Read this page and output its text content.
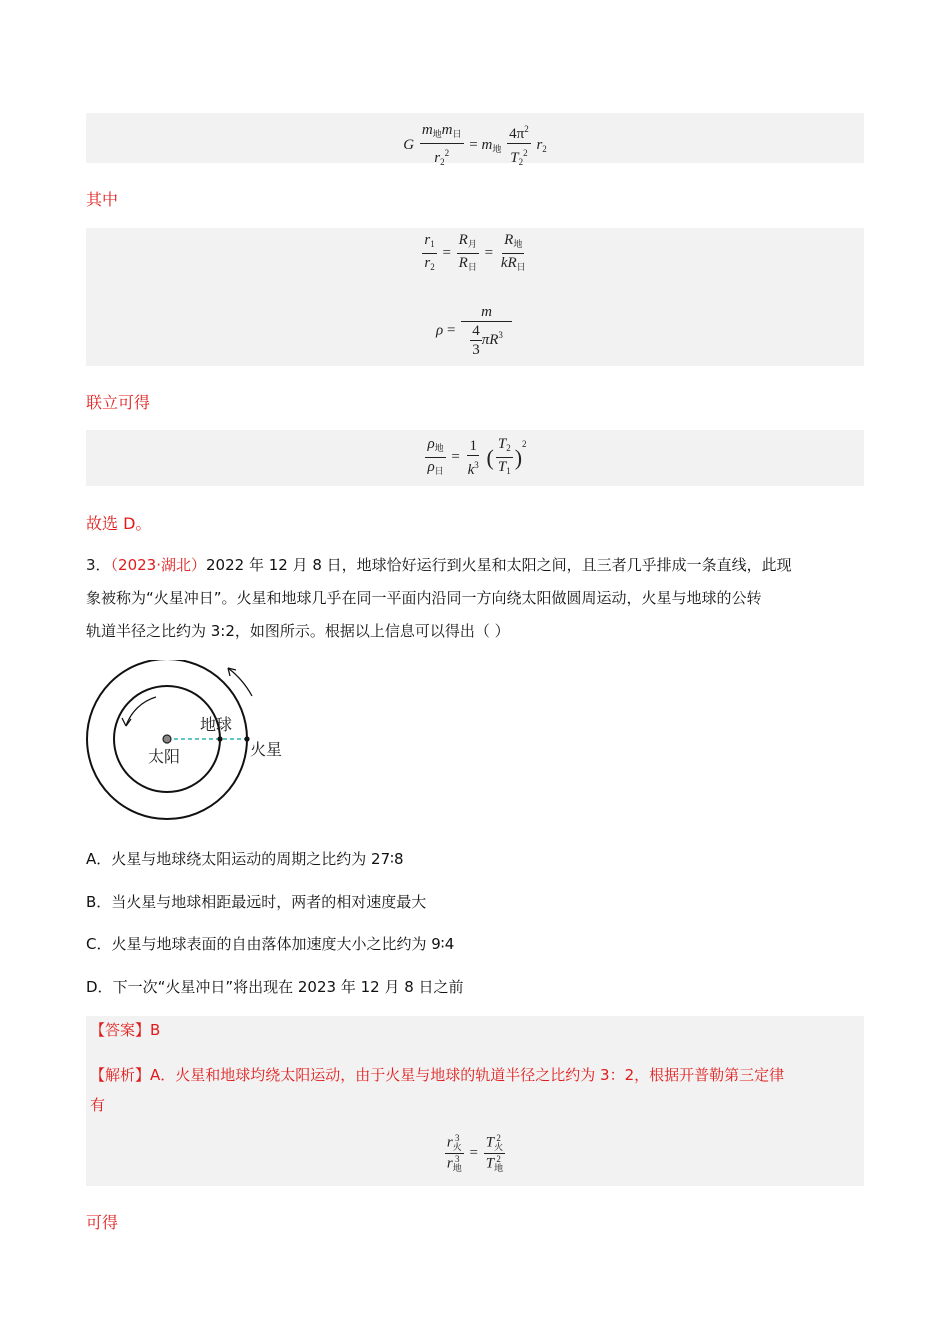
G $\frac{m_地m_日}{r_2^2} = m_地 \frac{4\pi^2}{T_2^2} r_2$
其中
$\frac{r_1}{r_2} = \frac{R_月}{R_日} = \frac{R_地}{kR_日}$
$\rho = \frac{m}{\frac{4}{3} \pi R^3}$
联立可得
$\frac{\rho_地}{\rho_日} = \frac{1}{k^3}$ ( $\frac{T_2}{T_1} )^2$
故选 D。
3．（2023·湖北）2022 年 12 月 8 日，地球恰好运行到火星和太阳之间，且三者几乎排成一条直线，此现
象被称为“火星冲日”。火星和地球几乎在同一平面内沿同一方向绕太阳做圆周运动，火星与地球的公转
轨道半径之比约为 3:2，如图所示。根据以上信息可以得出（ ）
太阳
地球
火星
A．火星与地球绕太阳运动的周期之比约为 27∶8
B．当火星与地球相距最远时，两者的相对速度最大
C．火星与地球表面的自由落体加速度大小之比约为 9∶4
D．下一次“火星冲日”将出现在 2023 年 12 月 8 日之前
【答案】B
【解析】A．火星和地球均绕太阳运动，由于火星与地球的轨道半径之比约为 3：2，根据开普勒第三定律
有
r 3
火
r 3
地 = T 2
火
T 2
地
可得
